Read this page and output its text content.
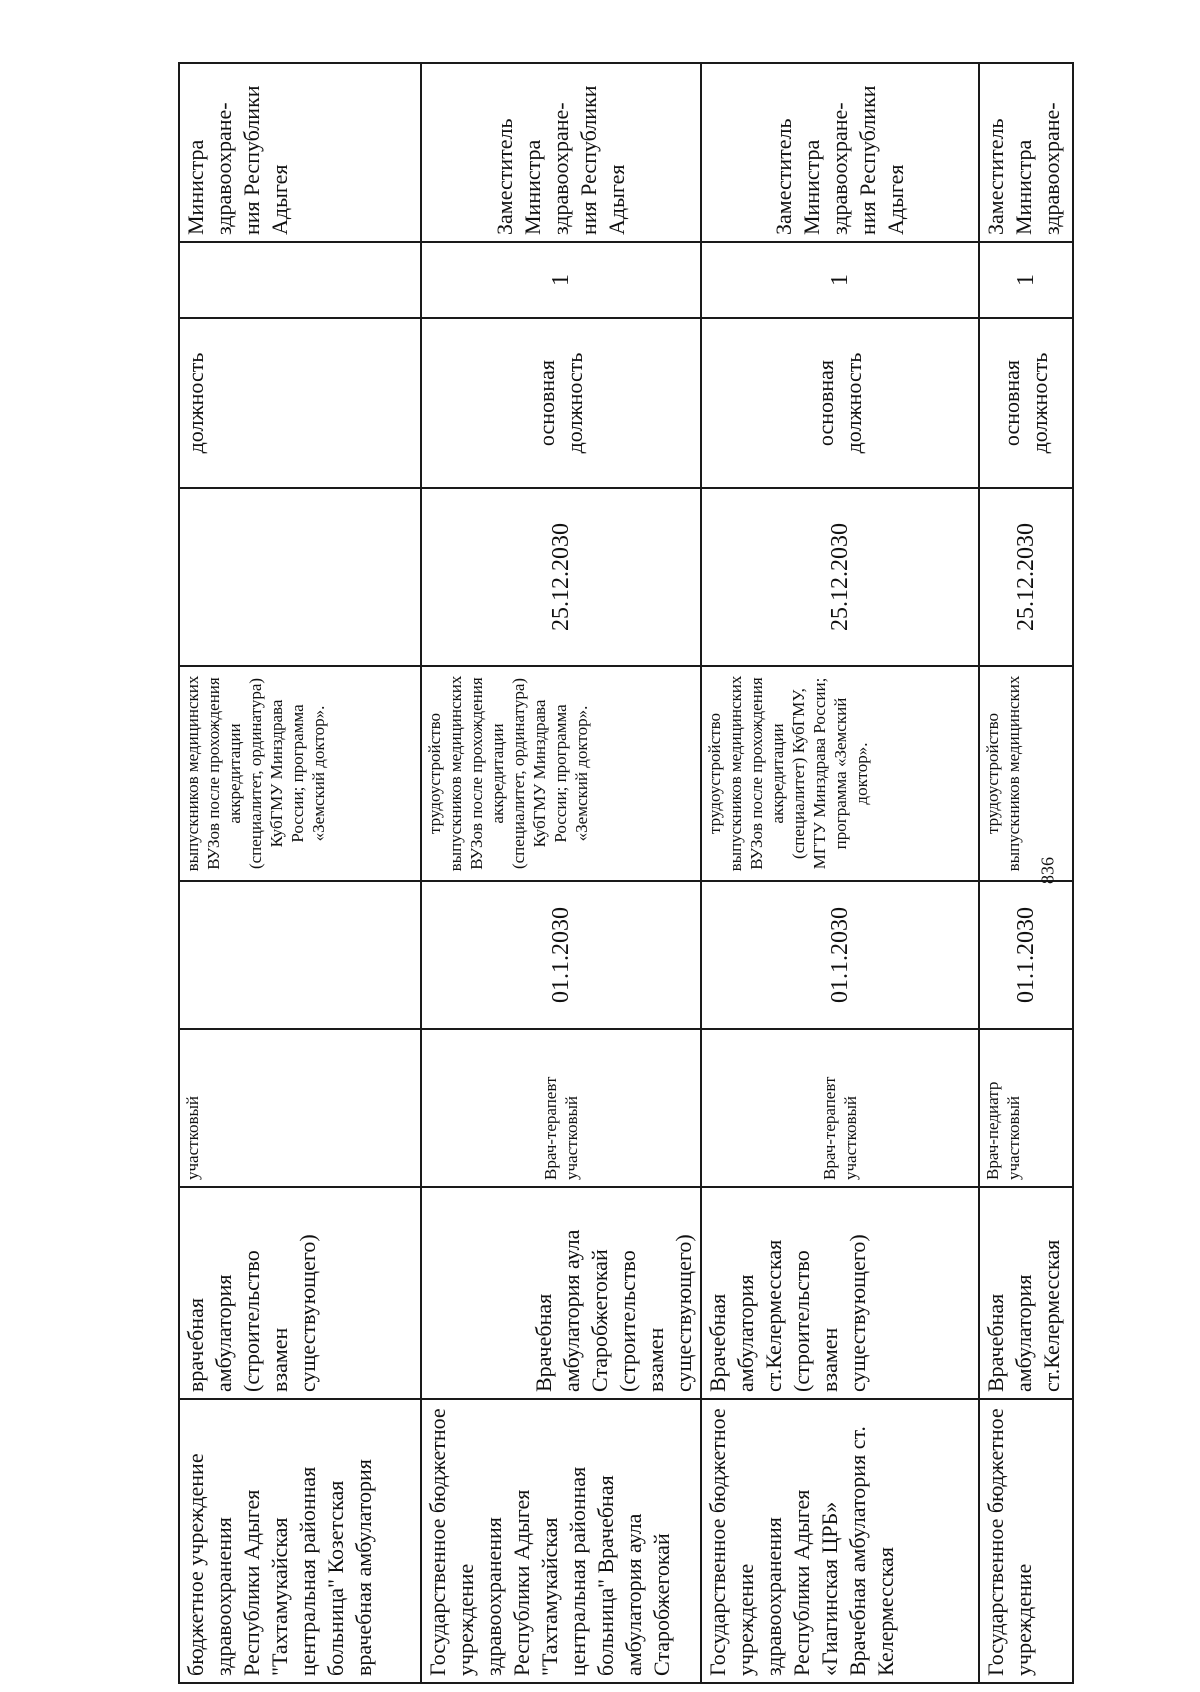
бюджетное учреждение здравоохранения Республики Адыгея "Тахтамукайская центральная районная больница" Козетская врачебная амбулатория	врачебная амбулатория (строительство взамен существующего)	участковый		выпускников медицинских ВУЗов после прохождения аккредитации (специалитет, ординатура) КубГМУ Минздрава России; программа «Земский доктор».		должность		Министра здравоохране-ния Республики Адыгея
Государственное бюджетное учреждение здравоохранения Республики Адыгея "Тахтамукайская центральная районная больница" Врачебная амбулатория аула Старобжегокай	Врачебная амбулатория аула Старобжегокай (строительство взамен существующего)	Врач-терапевт участковый	01.1.2030	трудоустройство выпускников медицинских ВУЗов после прохождения аккредитации (специалитет, ординатура) КубГМУ Минздрава России; программа «Земский доктор».	25.12.2030	основная должность	1	Заместитель Министра здравоохране-ния Республики Адыгея
Государственное бюджетное учреждение здравоохранения Республики Адыгея «Гиагинская ЦРБ» Врачебная амбулатория ст. Келермесская	Врачебная амбулатория ст.Келермесская (строительство взамен существующего)	Врач-терапевт участковый	01.1.2030	трудоустройство выпускников медицинских ВУЗов после прохождения аккредитации (специалитет) КубГМУ, МГТУ Минздрава России; программа «Земский доктор».	25.12.2030	основная должность	1	Заместитель Министра здравоохране-ния Республики Адыгея
Государственное бюджетное учреждение	Врачебная амбулатория ст.Келермесская	Врач-педиатр участковый	01.1.2030	трудоустройство выпускников медицинских	25.12.2030	основная должность	1	Заместитель Министра здравоохране-
836
